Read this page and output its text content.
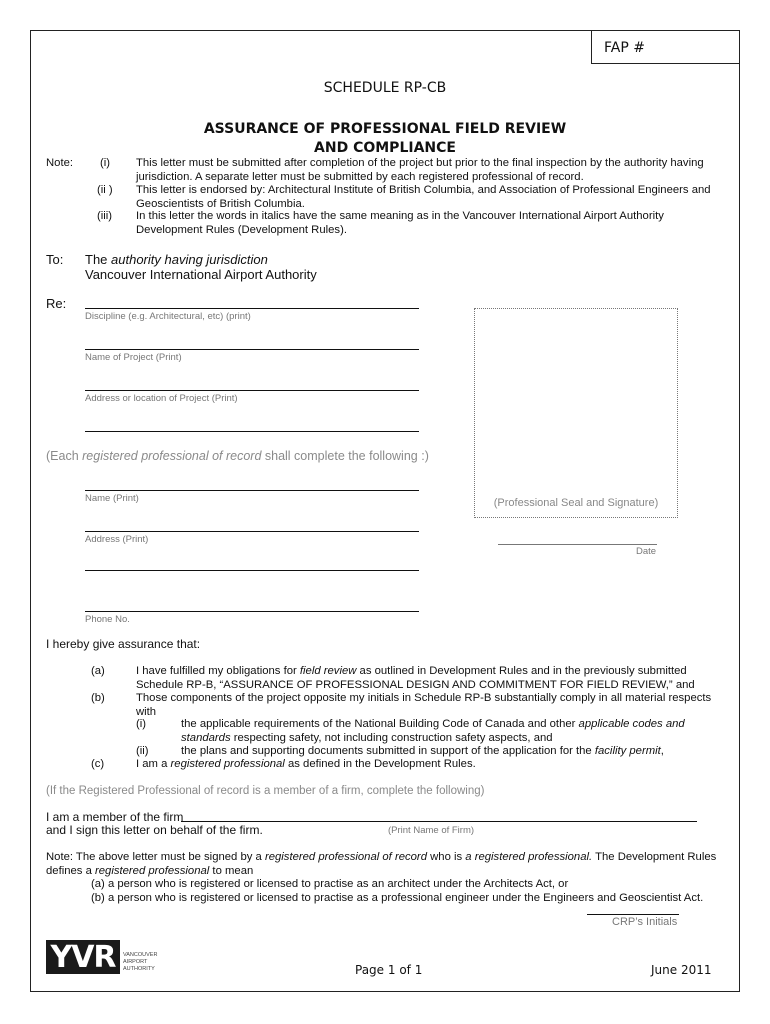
FAP #
SCHEDULE RP-CB
ASSURANCE OF PROFESSIONAL FIELD REVIEW
AND COMPLIANCE
Note: (i) This letter must be submitted after completion of the project but prior to the final inspection by the authority having
jurisdiction. A separate letter must be submitted by each registered professional of record.
(ii ) This letter is endorsed by: Architectural Institute of British Columbia, and Association of Professional Engineers and
Geoscientists of British Columbia.
(iii) In this letter the words in italics have the same meaning as in the Vancouver International Airport Authority
Development Rules (Development Rules).
To: The authority having jurisdiction
Vancouver International Airport Authority
Re:
Discipline (e.g. Architectural, etc) (print)
Name of Project (Print)
Address or location of Project (Print)
(Each registered professional of record shall complete the following :)
Name (Print)
Address (Print)
Phone No.
(Professional Seal and Signature)
Date
I hereby give assurance that:
(a)	I have fulfilled my obligations for field review as outlined in Development Rules and in the previously submitted
Schedule RP-B, “ASSURANCE OF PROFESSIONAL DESIGN AND COMMITMENT FOR FIELD REVIEW,” and
(b)	Those components of the project opposite my initials in Schedule RP-B substantially comply in all material respects
with
(i)	the applicable requirements of the National Building Code of Canada and other applicable codes and
standards respecting safety, not including construction safety aspects, and
(ii)	the plans and supporting documents submitted in support of the application for the facility permit,
(c)	I am a registered professional as defined in the Development Rules.
(If the Registered Professional of record is a member of a firm, complete the following)
I am a member of the firm
and I sign this letter on behalf of the firm.	(Print Name of Firm)
Note: The above letter must be signed by a registered professional of record who is a registered professional. The Development Rules
defines a registered professional to mean
(a) a person who is registered or licensed to practise as an architect under the Architects Act, or
(b) a person who is registered or licensed to practise as a professional engineer under the Engineers and Geoscientist Act.
CRP’s Initials
YVR	VANCOUVER
AIRPORT
AUTHORITY	Page 1 of 1	June 2011
